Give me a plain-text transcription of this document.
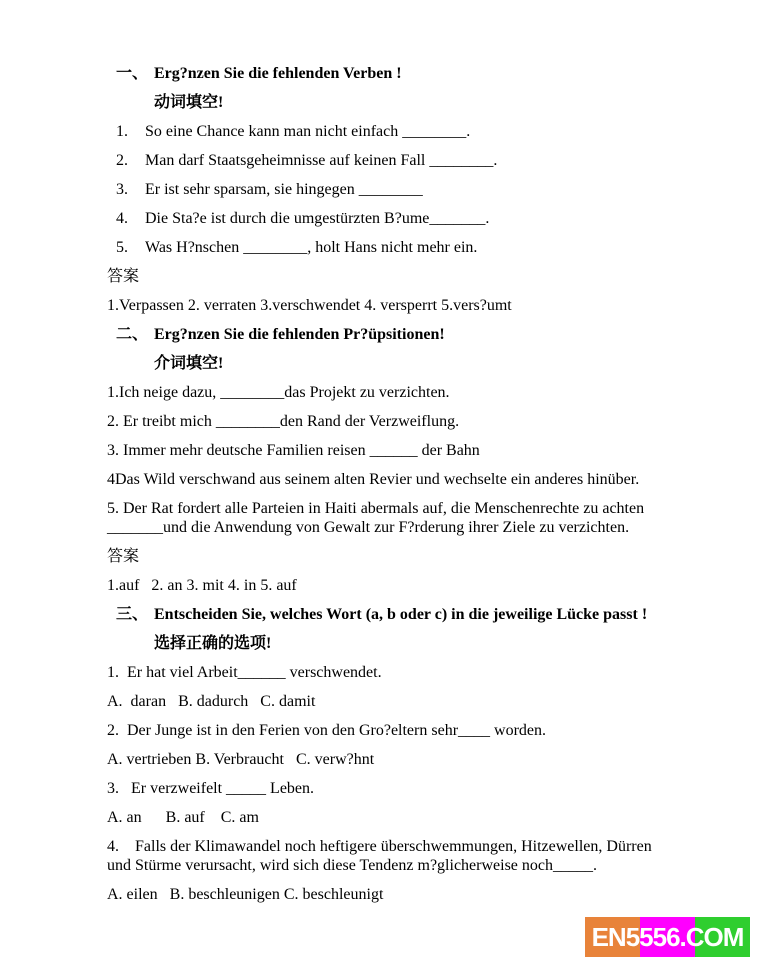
一、 Erg?nzen Sie die fehlenden Verben !
动词填空!
1. So eine Chance kann man nicht einfach ________.
2. Man darf Staatsgeheimnisse auf keinen Fall ________.
3. Er ist sehr sparsam, sie hingegen ________
4. Die Sta?e ist durch die umgestürzten B?ume_______.
5. Was H?nschen ________, holt Hans nicht mehr ein.
答案
1.Verpassen 2. verraten 3.verschwendet 4. versperrt 5.vers?umt
二、 Erg?nzen Sie die fehlenden Pr?üpsitionen!
介词填空!
1.Ich neige dazu, ________das Projekt zu verzichten.
2. Er treibt mich ________den Rand der Verzweiflung.
3. Immer mehr deutsche Familien reisen ______ der Bahn
4Das Wild verschwand aus seinem alten Revier und wechselte ein anderes hinüber.
5. Der Rat fordert alle Parteien in Haiti abermals auf, die Menschenrechte zu achten
_______und die Anwendung von Gewalt zur F?rderung ihrer Ziele zu verzichten.
答案
1.auf   2. an 3. mit 4. in 5. auf
三、 Entscheiden Sie, welches Wort (a, b oder c) in die jeweilige Lücke passt !
选择正确的选项!
1.  Er hat viel Arbeit______ verschwendet.
A.  daran   B. dadurch   C. damit
2.  Der Junge ist in den Ferien von den Gro?eltern sehr____ worden.
A. vertrieben B. Verbraucht   C. verw?hnt
3.   Er verzweifelt _____ Leben.
A. an      B. auf    C. am
4.    Falls der Klimawandel noch heftigere überschwemmungen, Hitzewellen, Dürren
und Stürme verursacht, wird sich diese Tendenz m?glicherweise noch_____.
A. eilen   B. beschleunigen C. beschleunigt
EN5556.COM
